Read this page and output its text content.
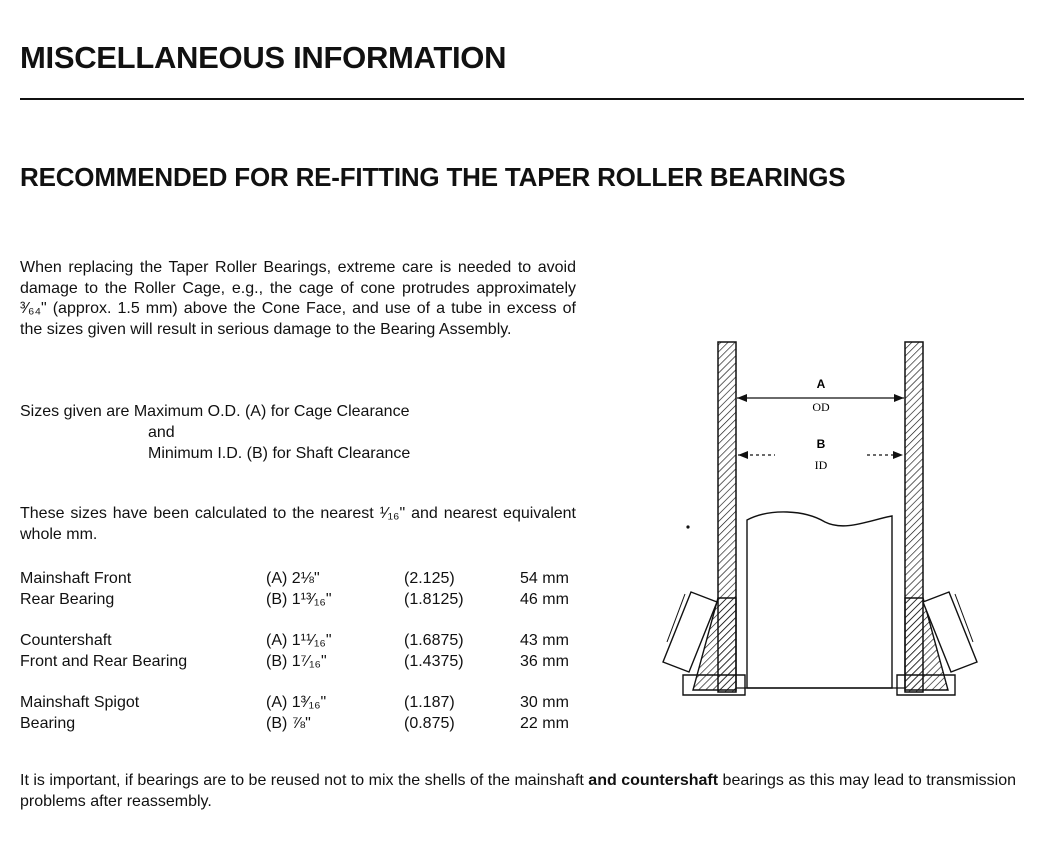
MISCELLANEOUS INFORMATION
RECOMMENDED FOR RE-FITTING THE TAPER ROLLER BEARINGS
When replacing the Taper Roller Bearings, extreme care is needed to avoid damage to the Roller Cage, e.g., the cage of cone protrudes approximately ³⁄₆₄" (approx. 1.5 mm) above the Cone Face, and use of a tube in excess of the sizes given will result in serious damage to the Bearing Assembly.
Sizes given are Maximum O.D. (A) for Cage Clearance
and
Minimum I.D. (B) for Shaft Clearance
These sizes have been calculated to the nearest ¹⁄₁₆" and nearest equivalent whole mm.
Mainshaft Front	(A) 2⅛"	(2.125)	54 mm
Rear Bearing	(B) 1¹³⁄₁₆"	(1.8125)	46 mm
Countershaft	(A) 1¹¹⁄₁₆"	(1.6875)	43 mm
Front and Rear Bearing	(B) 1⁷⁄₁₆"	(1.4375)	36 mm
Mainshaft Spigot	(A) 1³⁄₁₆"	(1.187)	30 mm
Bearing	(B) ⅞"	(0.875)	22 mm
It is important, if bearings are to be reused not to mix the shells of the mainshaft and countershaft bearings as this may lead to transmission problems after reassembly.
A
OD
B
ID
